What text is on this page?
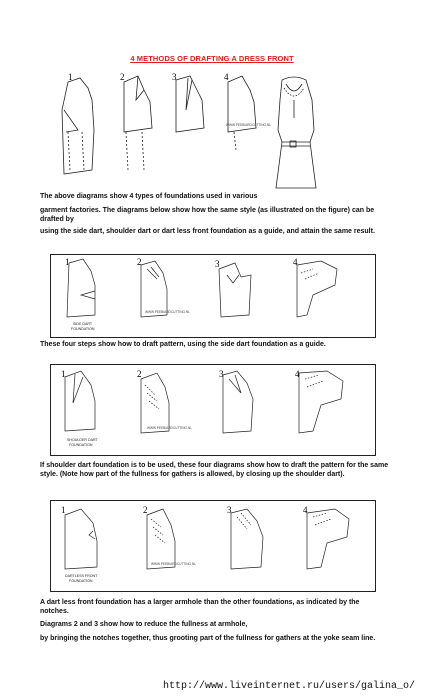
4 METHODS OF DRAFTING A DRESS FRONT
1	2	3	4
WWW.PEEBIARDCUTTING.NL
The above diagrams show 4 types of foundations used in various
garment factories. The diagrams below show how the same style (as illustrated on the figure) can be drafted by
using the side dart, shoulder dart or dart less front foundation as a guide, and attain the same result.
1	2	3	4
SIDE DART
FOUNDATION
WWW.PEEBIARDCUTTING.NL
These four steps show how to draft pattern, using the side dart foundation as a guide.
1	2	3	4
SHOULDER DART
FOUNDATION
WWW.PEEBIARDCUTTING.NL
If shoulder dart foundation is to be used, these four diagrams show how to draft the pattern for the same style. (Note how part of the fullness for gathers is allowed, by closing up the shoulder dart).
1	2	3	4
DARTLESS FRONT
FOUNDATION
WWW.PEEBIARDCUTTING.NL
A dart less front foundation has a larger armhole than the other foundations, as indicated by the notches.
Diagrams 2 and 3 show how to reduce the fullness at armhole,
by bringing the notches together, thus grooting part of the fullness for gathers at the yoke seam line.
http://www.liveinternet.ru/users/galina_o/
